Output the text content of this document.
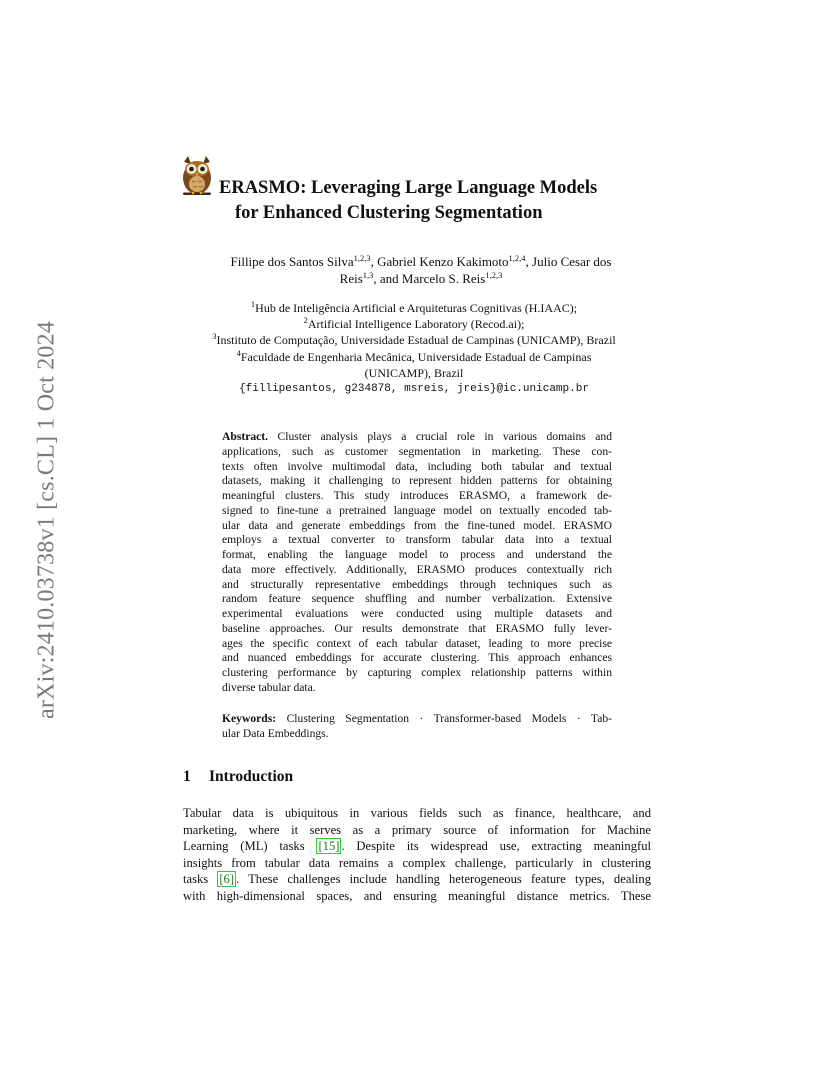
arXiv:2410.03738v1 [cs.CL] 1 Oct 2024
ERASMO: Leveraging Large Language Models
for Enhanced Clustering Segmentation
Fillipe dos Santos Silva$^{1,2,3}$, Gabriel Kenzo Kakimoto$^{1,2,4}$, Julio Cesar dos
Reis$^{1,3}$, and Marcelo S. Reis$^{1,2,3}$
$^1$Hub de Inteligência Artificial e Arquiteturas Cognitivas (H.IAAC);
$^2$Artificial Intelligence Laboratory (Recod.ai);
$^3$Instituto de Computação, Universidade Estadual de Campinas (UNICAMP), Brazil
$^4$Faculdade de Engenharia Mecânica, Universidade Estadual de Campinas
(UNICAMP), Brazil
{fillipesantos, g234878, msreis, jreis}@ic.unicamp.br
Abstract. Cluster analysis plays a crucial role in various domains and
applications, such as customer segmentation in marketing. These con-
texts often involve multimodal data, including both tabular and textual
datasets, making it challenging to represent hidden patterns for obtaining
meaningful clusters. This study introduces ERASMO, a framework de-
signed to fine-tune a pretrained language model on textually encoded tab-
ular data and generate embeddings from the fine-tuned model. ERASMO
employs a textual converter to transform tabular data into a textual
format, enabling the language model to process and understand the
data more effectively. Additionally, ERASMO produces contextually rich
and structurally representative embeddings through techniques such as
random feature sequence shuffling and number verbalization. Extensive
experimental evaluations were conducted using multiple datasets and
baseline approaches. Our results demonstrate that ERASMO fully lever-
ages the specific context of each tabular dataset, leading to more precise
and nuanced embeddings for accurate clustering. This approach enhances
clustering performance by capturing complex relationship patterns within
diverse tabular data.
Keywords: Clustering Segmentation · Transformer-based Models · Tab-
ular Data Embeddings.
1 Introduction
Tabular data is ubiquitous in various fields such as finance, healthcare, and
marketing, where it serves as a primary source of information for Machine
Learning (ML) tasks [15] . Despite its widespread use, extracting meaningful
insights from tabular data remains a complex challenge, particularly in clustering
tasks [6] . These challenges include handling heterogeneous feature types, dealing
with high-dimensional spaces, and ensuring meaningful distance metrics. These
